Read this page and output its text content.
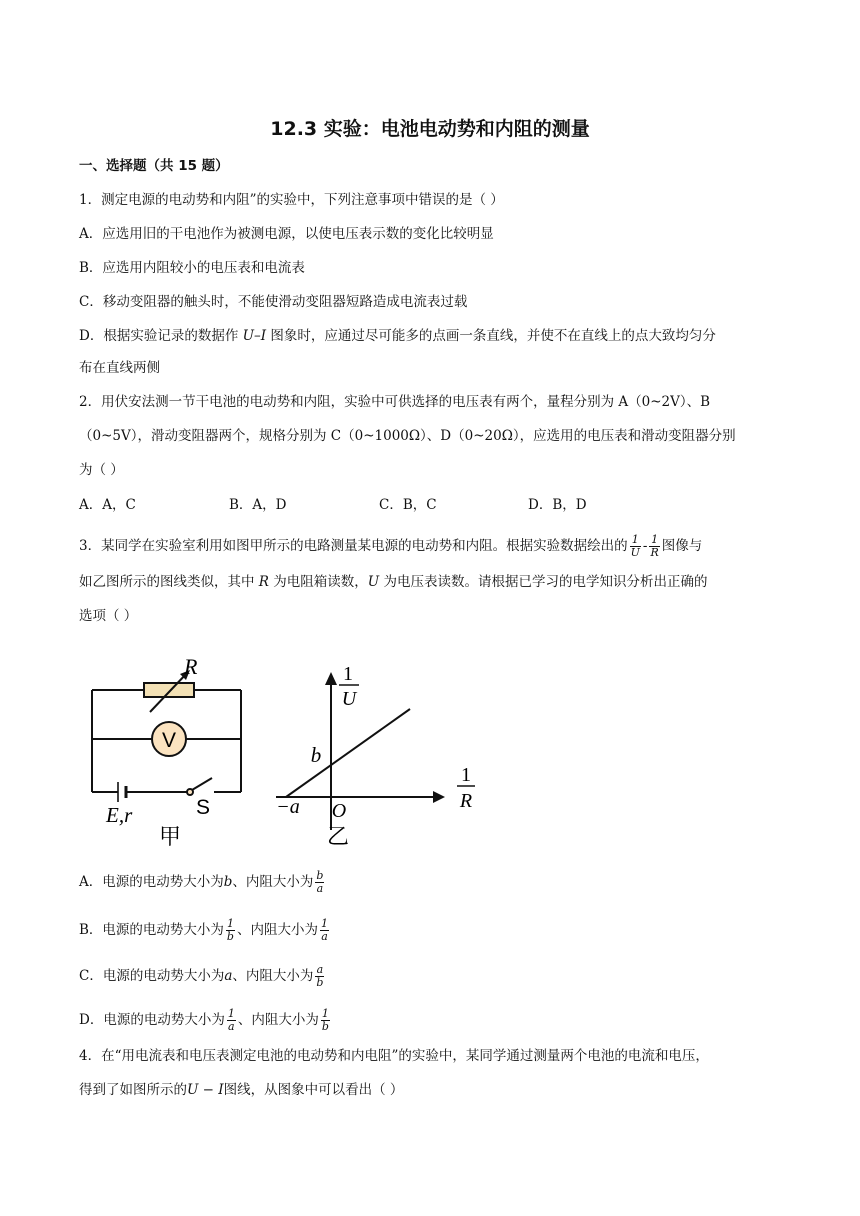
12.3 实验：电池电动势和内阻的测量
一、选择题（共 15 题）
1．测定电源的电动势和内阻”的实验中，下列注意事项中错误的是（ ）
A．应选用旧的干电池作为被测电源，以使电压表示数的变化比较明显
B．应选用内阻较小的电压表和电流表
C．移动变阻器的触头时，不能使滑动变阻器短路造成电流表过载
D．根据实验记录的数据作 U–I 图象时，应通过尽可能多的点画一条直线，并使不在直线上的点大致均匀分
布在直线两侧
2．用伏安法测一节干电池的电动势和内阻，实验中可供选择的电压表有两个，量程分别为 A（0~2V）、B
（0~5V），滑动变阻器两个，规格分别为 C（0~1000Ω）、D（0~20Ω），应选用的电压表和滑动变阻器分别
为（ ）
A．A，C	B．A，D	C．B，C	D．B，D
3．某同学在实验室利用如图甲所示的电路测量某电源的电动势和内阻。根据实验数据绘出的 $\frac{1}{U} - \frac{1}{R}$ 图像与
如乙图所示的图线类似，其中 R 为电阻箱读数，U 为电压表读数。请根据已学习的电学知识分析出正确的
选项（ ）
R
V
E,r	S
甲
1
U
1
R
b
−a O
乙
A．电源的电动势大小为b、内阻大小为 $\frac{b}{a}$
B．电源的电动势大小为 $\frac{1}{b}$ 、内阻大小为 $\frac{1}{a}$
C．电源的电动势大小为a、内阻大小为 $\frac{a}{b}$
D．电源的电动势大小为 $\frac{1}{a}$ 、内阻大小为 $\frac{1}{b}$
4．在“用电流表和电压表测定电池的电动势和内电阻”的实验中，某同学通过测量两个电池的电流和电压，
得到了如图所示的U − I图线，从图象中可以看出（ ）
